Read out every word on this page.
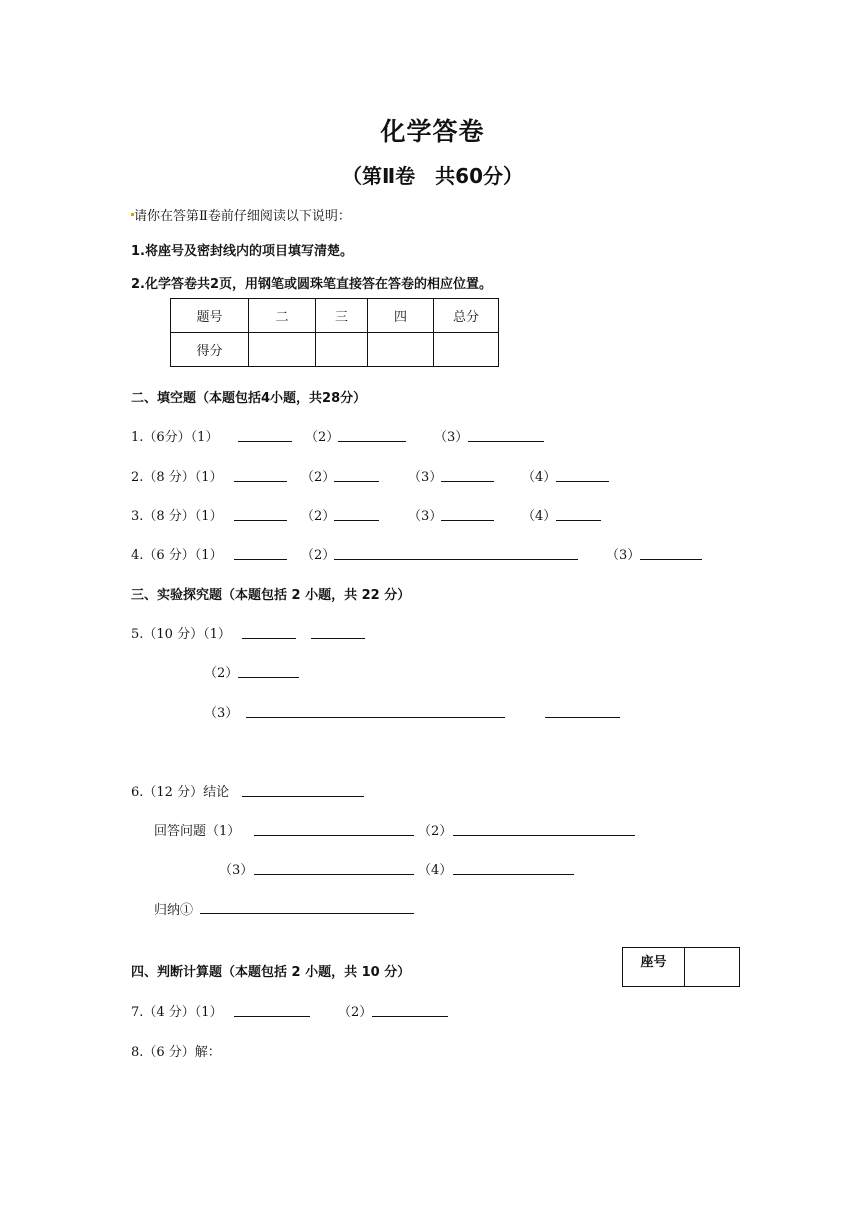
化学答卷
（第Ⅱ卷　共60分）
请你在答第Ⅱ卷前仔细阅读以下说明：
1.将座号及密封线内的项目填写清楚。
2.化学答卷共2页，用钢笔或圆珠笔直接答在答卷的相应位置。
题号	二	三	四	总分
得分				
二、填空题（本题包括4小题，共28分）
1.（6分）（1）	（2）	（3）
2.（8 分）（1）	（2）	（3）	（4）
3.（8 分）（1）	（2）	（3）	（4）
4.（6 分）（1）	（2）	（3）
三、实验探究题（本题包括 2 小题，共 22 分）
5.（10 分）（1）
（2）
（3）
6.（12 分）结论
回答问题（1）	（2）
（3）	（4）
归纳①
座号
四、判断计算题（本题包括 2 小题，共 10 分）
7.（4 分）（1）	（2）
8.（6 分）解：
